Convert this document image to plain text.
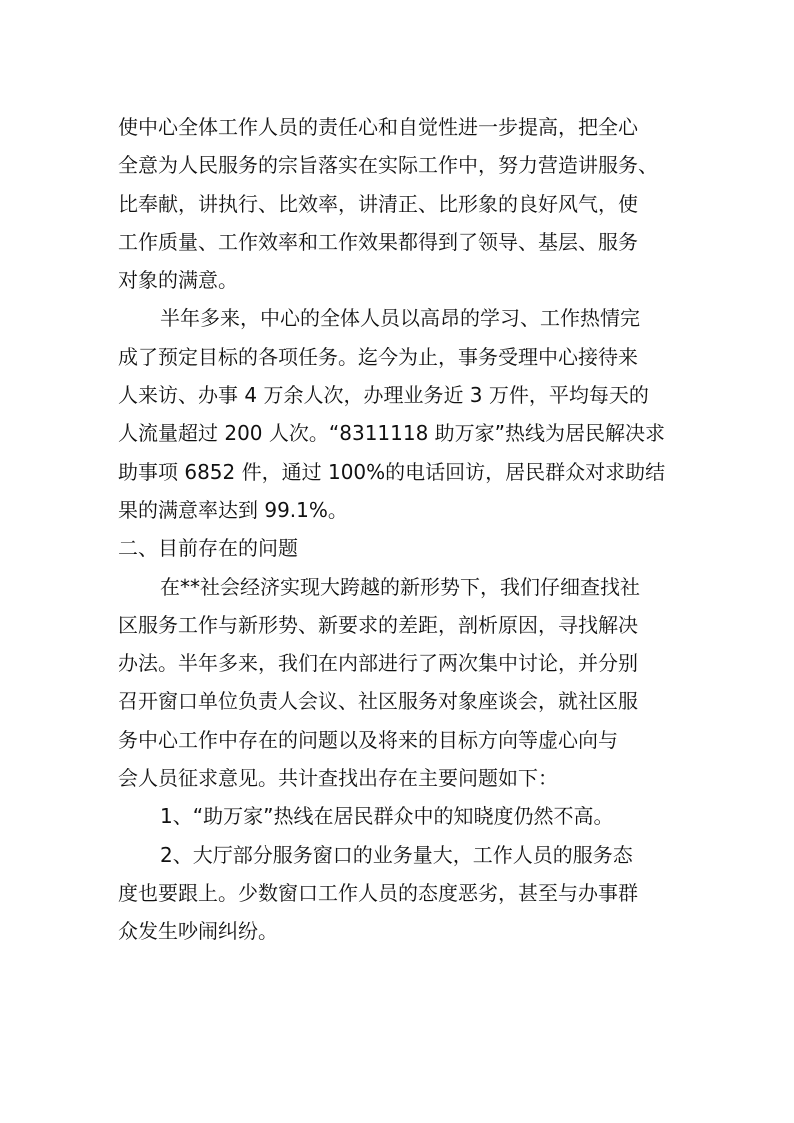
使中心全体工作人员的责任心和自觉性进一步提高，把全心
全意为人民服务的宗旨落实在实际工作中，努力营造讲服务、
比奉献，讲执行、比效率，讲清正、比形象的良好风气，使
工作质量、工作效率和工作效果都得到了领导、基层、服务
对象的满意。
半年多来，中心的全体人员以高昂的学习、工作热情完
成了预定目标的各项任务。迄今为止，事务受理中心接待来
人来访、办事 4 万余人次，办理业务近 3 万件，平均每天的
人流量超过 200 人次。“8311118 助万家”热线为居民解决求
助事项 6852 件，通过 100%的电话回访，居民群众对求助结
果的满意率达到 99.1%。
二、目前存在的问题
在**社会经济实现大跨越的新形势下，我们仔细查找社
区服务工作与新形势、新要求的差距，剖析原因，寻找解决
办法。半年多来，我们在内部进行了两次集中讨论，并分别
召开窗口单位负责人会议、社区服务对象座谈会，就社区服
务中心工作中存在的问题以及将来的目标方向等虚心向与
会人员征求意见。共计查找出存在主要问题如下：
1、“助万家”热线在居民群众中的知晓度仍然不高。
2、大厅部分服务窗口的业务量大，工作人员的服务态
度也要跟上。少数窗口工作人员的态度恶劣，甚至与办事群
众发生吵闹纠纷。
